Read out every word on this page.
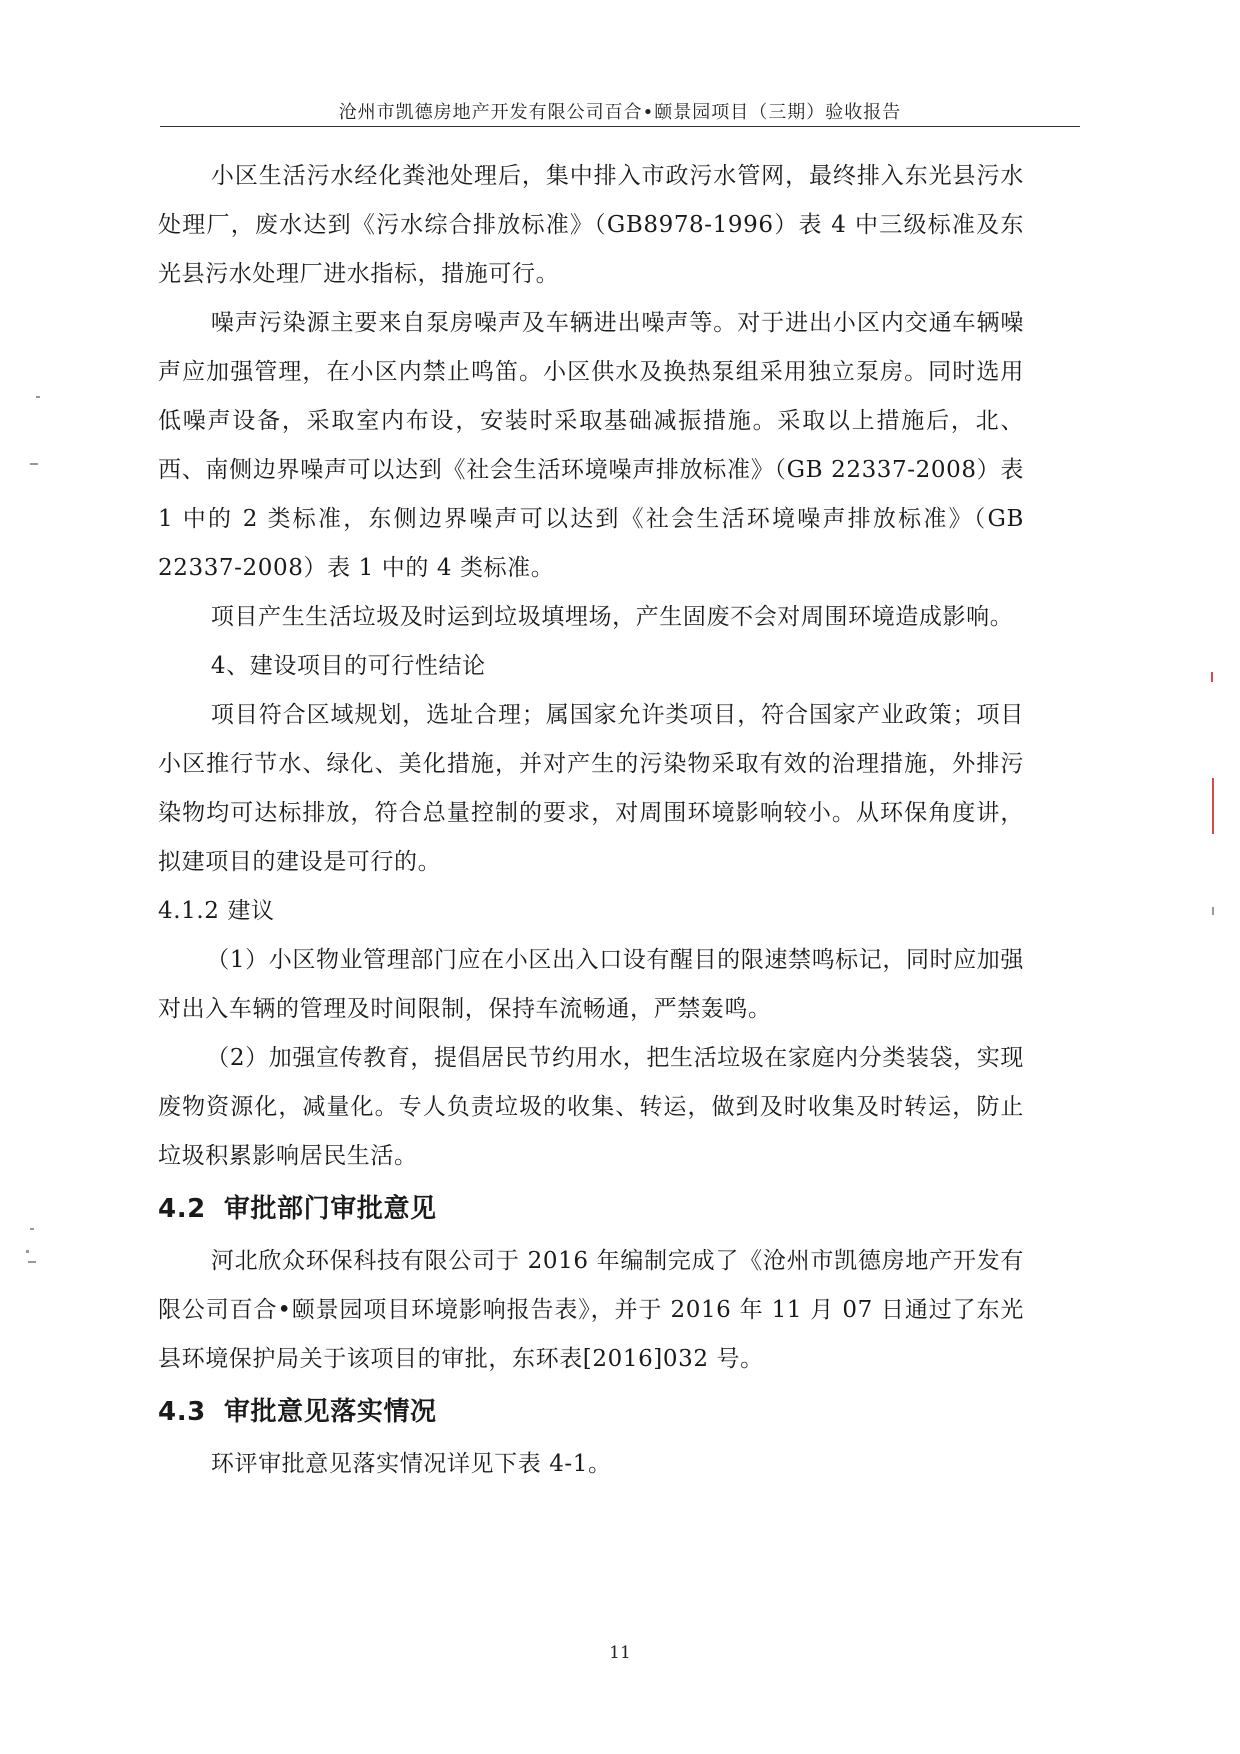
沧州市凯德房地产开发有限公司百合•颐景园项目（三期）验收报告

小区生活污水经化粪池处理后，集中排入市政污水管网，最终排入东光县污水处理厂，废水达到《污水综合排放标准》（GB8978-1996）表 4 中三级标准及东光县污水处理厂进水指标，措施可行。

噪声污染源主要来自泵房噪声及车辆进出噪声等。对于进出小区内交通车辆噪声应加强管理，在小区内禁止鸣笛。小区供水及换热泵组采用独立泵房。同时选用低噪声设备，采取室内布设，安装时采取基础减振措施。采取以上措施后，北、西、南侧边界噪声可以达到《社会生活环境噪声排放标准》（GB 22337-2008）表 1 中的 2 类标准，东侧边界噪声可以达到《社会生活环境噪声排放标准》（GB 22337-2008）表 1 中的 4 类标准。

项目产生生活垃圾及时运到垃圾填埋场，产生固废不会对周围环境造成影响。

4、建设项目的可行性结论

项目符合区域规划，选址合理；属国家允许类项目，符合国家产业政策；项目小区推行节水、绿化、美化措施，并对产生的污染物采取有效的治理措施，外排污染物均可达标排放，符合总量控制的要求，对周围环境影响较小。从环保角度讲，拟建项目的建设是可行的。

4.1.2 建议

（1）小区物业管理部门应在小区出入口设有醒目的限速禁鸣标记，同时应加强对出入车辆的管理及时间限制，保持车流畅通，严禁轰鸣。

（2）加强宣传教育，提倡居民节约用水，把生活垃圾在家庭内分类装袋，实现废物资源化，减量化。专人负责垃圾的收集、转运，做到及时收集及时转运，防止垃圾积累影响居民生活。

4.2 审批部门审批意见

河北欣众环保科技有限公司于 2016 年编制完成了《沧州市凯德房地产开发有限公司百合•颐景园项目环境影响报告表》，并于 2016 年 11 月 07 日通过了东光县环境保护局关于该项目的审批，东环表[2016]032 号。

4.3 审批意见落实情况

环评审批意见落实情况详见下表 4-1。

11
